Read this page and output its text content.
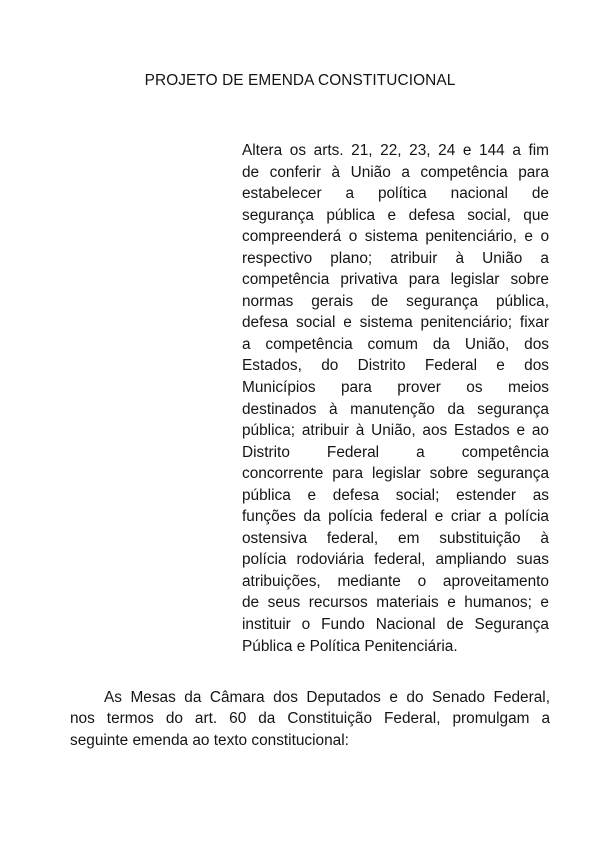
PROJETO DE EMENDA CONSTITUCIONAL
Altera os arts. 21, 22, 23, 24 e 144 a fim
de conferir à União a competência para
estabelecer a política nacional de
segurança pública e defesa social, que
compreenderá o sistema penitenciário, e o
respectivo plano; atribuir à União a
competência privativa para legislar sobre
normas gerais de segurança pública,
defesa social e sistema penitenciário; fixar
a competência comum da União, dos
Estados, do Distrito Federal e dos
Municípios para prover os meios
destinados à manutenção da segurança
pública; atribuir à União, aos Estados e ao
Distrito Federal a competência
concorrente para legislar sobre segurança
pública e defesa social; estender as
funções da polícia federal e criar a polícia
ostensiva federal, em substituição à
polícia rodoviária federal, ampliando suas
atribuições, mediante o aproveitamento
de seus recursos materiais e humanos; e
instituir o Fundo Nacional de Segurança
Pública e Política Penitenciária.
As Mesas da Câmara dos Deputados e do Senado Federal,
nos termos do art. 60 da Constituição Federal, promulgam a
seguinte emenda ao texto constitucional:
